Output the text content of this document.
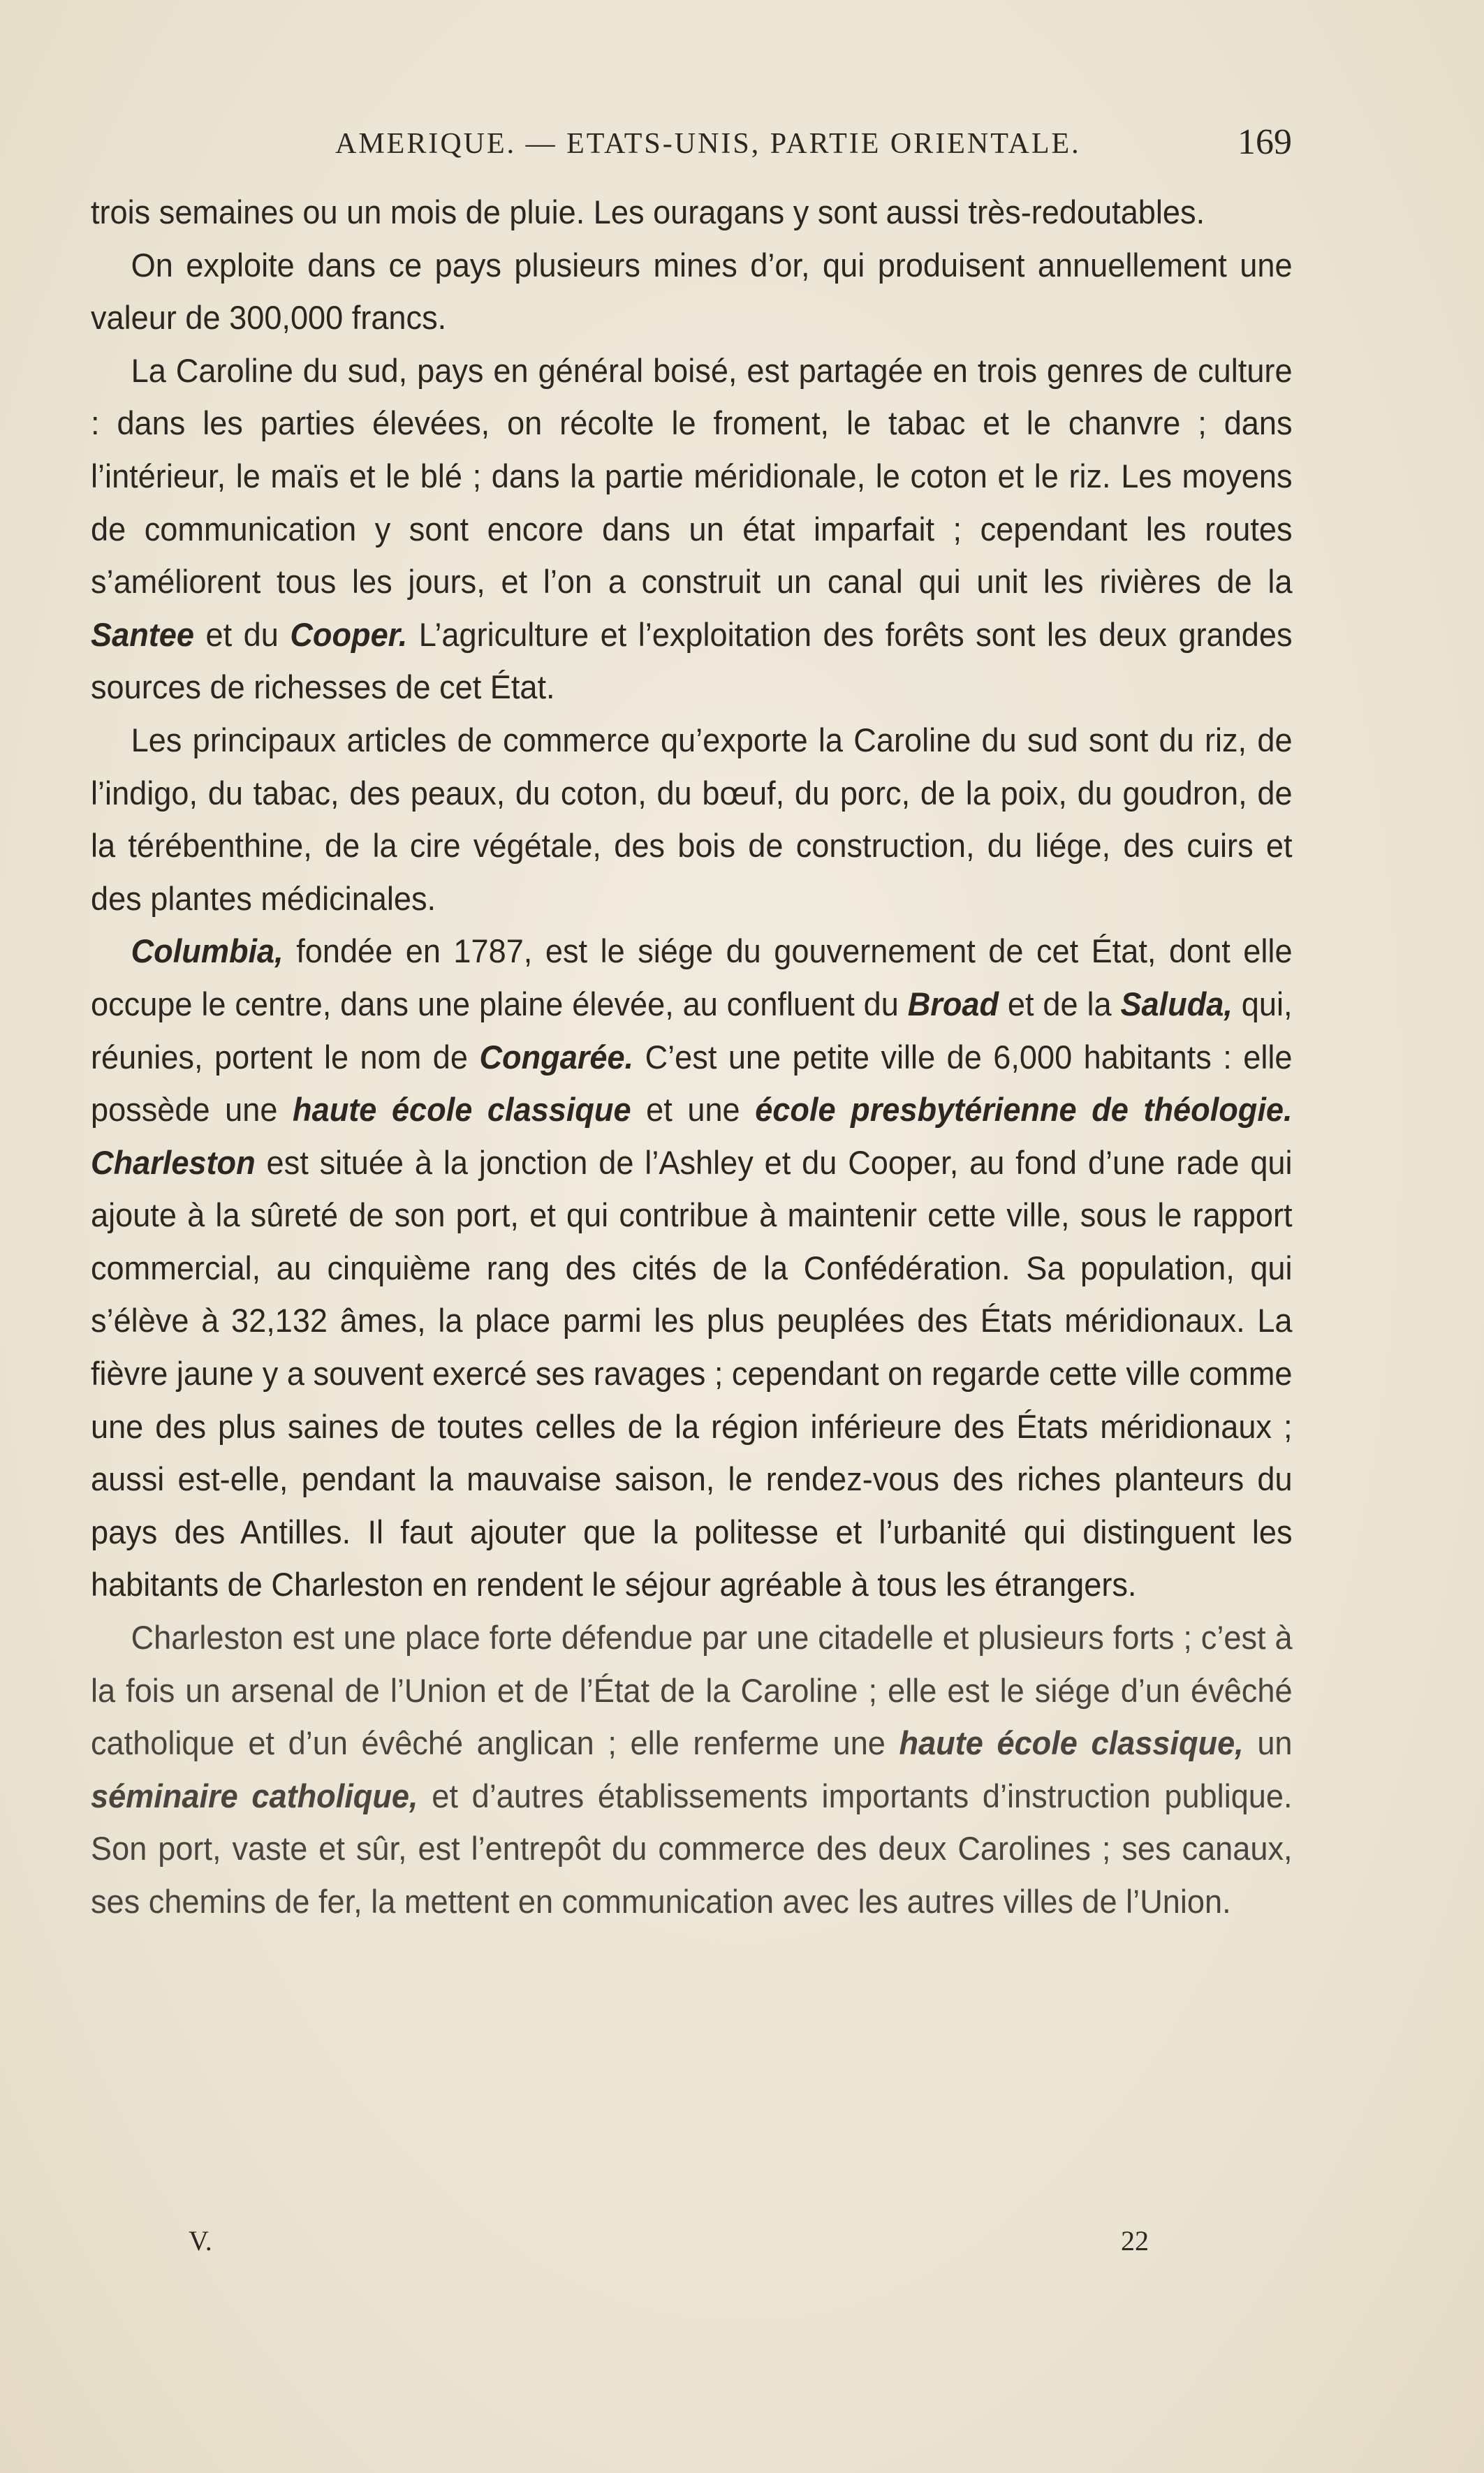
AMERIQUE. — ETATS-UNIS, PARTIE ORIENTALE.	169

trois semaines ou un mois de pluie. Les ouragans y sont aussi très-redoutables.

On exploite dans ce pays plusieurs mines d’or, qui produisent annuellement une valeur de 300,000 francs.

La Caroline du sud, pays en général boisé, est partagée en trois genres de culture : dans les parties élevées, on récolte le froment, le tabac et le chanvre ; dans l’intérieur, le maïs et le blé ; dans la partie méridionale, le coton et le riz. Les moyens de communication y sont encore dans un état imparfait ; cependant les routes s’améliorent tous les jours, et l’on a construit un canal qui unit les rivières de la Santee et du Cooper. L’agriculture et l’exploitation des forêts sont les deux grandes sources de richesses de cet État.

Les principaux articles de commerce qu’exporte la Caroline du sud sont du riz, de l’indigo, du tabac, des peaux, du coton, du bœuf, du porc, de la poix, du goudron, de la térébenthine, de la cire végétale, des bois de construction, du liége, des cuirs et des plantes médicinales.

Columbia, fondée en 1787, est le siége du gouvernement de cet État, dont elle occupe le centre, dans une plaine élevée, au confluent du Broad et de la Saluda, qui, réunies, portent le nom de Congarée. C’est une petite ville de 6,000 habitants : elle possède une haute école classique et une école presbytérienne de théologie. Charleston est située à la jonction de l’Ashley et du Cooper, au fond d’une rade qui ajoute à la sûreté de son port, et qui contribue à maintenir cette ville, sous le rapport commercial, au cinquième rang des cités de la Confédération. Sa population, qui s’élève à 32,132 âmes, la place parmi les plus peuplées des États méridionaux. La fièvre jaune y a souvent exercé ses ravages ; cependant on regarde cette ville comme une des plus saines de toutes celles de la région inférieure des États méridionaux ; aussi est-elle, pendant la mauvaise saison, le rendez-vous des riches planteurs du pays des Antilles. Il faut ajouter que la politesse et l’urbanité qui distinguent les habitants de Charleston en rendent le séjour agréable à tous les étrangers.

Charleston est une place forte défendue par une citadelle et plusieurs forts ; c’est à la fois un arsenal de l’Union et de l’État de la Caroline ; elle est le siége d’un évêché catholique et d’un évêché anglican ; elle renferme une haute école classique, un séminaire catholique, et d’autres établissements importants d’instruction publique. Son port, vaste et sûr, est l’entrepôt du commerce des deux Carolines ; ses canaux, ses chemins de fer, la mettent en communication avec les autres villes de l’Union.

V.	22
